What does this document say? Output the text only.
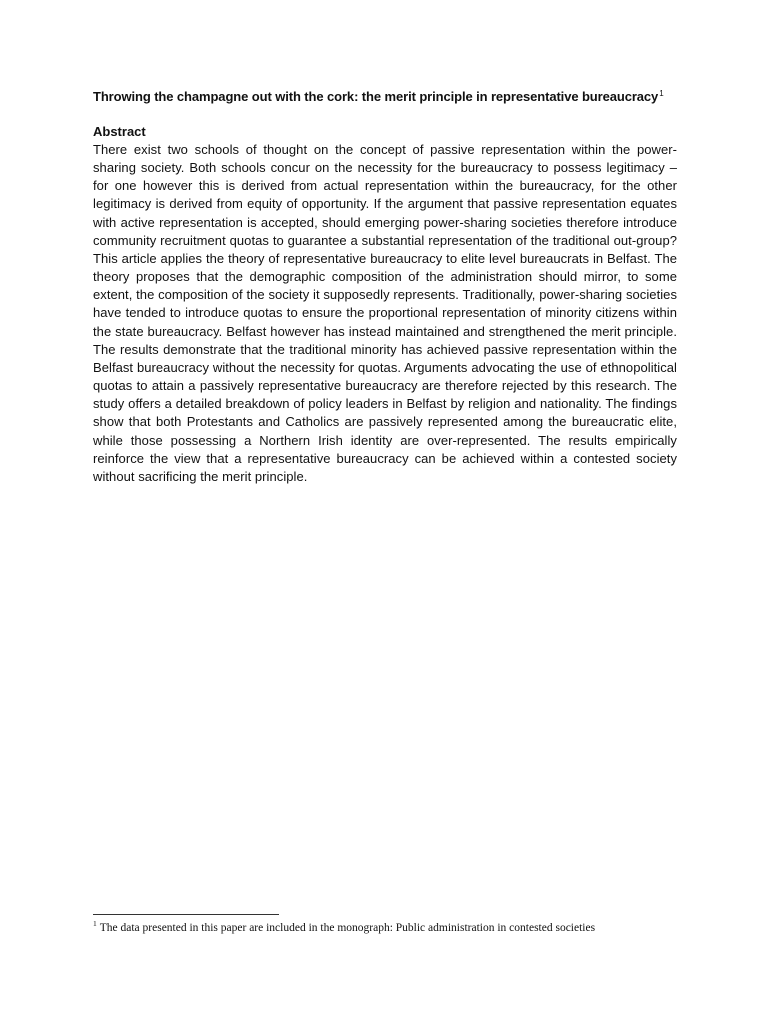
Throwing the champagne out with the cork: the merit principle in representative bureaucracy$^1$
Abstract

There exist two schools of thought on the concept of passive representation within the power-sharing society. Both schools concur on the necessity for the bureaucracy to possess legitimacy – for one however this is derived from actual representation within the bureaucracy, for the other legitimacy is derived from equity of opportunity. If the argument that passive representation equates with active representation is accepted, should emerging power-sharing societies therefore introduce community recruitment quotas to guarantee a substantial representation of the traditional out-group? This article applies the theory of representative bureaucracy to elite level bureaucrats in Belfast. The theory proposes that the demographic composition of the administration should mirror, to some extent, the composition of the society it supposedly represents. Traditionally, power-sharing societies have tended to introduce quotas to ensure the proportional representation of minority citizens within the state bureaucracy. Belfast however has instead maintained and strengthened the merit principle. The results demonstrate that the traditional minority has achieved passive representation within the Belfast bureaucracy without the necessity for quotas. Arguments advocating the use of ethnopolitical quotas to attain a passively representative bureaucracy are therefore rejected by this research. The study offers a detailed breakdown of policy leaders in Belfast by religion and nationality. The findings show that both Protestants and Catholics are passively represented among the bureaucratic elite, while those possessing a Northern Irish identity are over-represented. The results empirically reinforce the view that a representative bureaucracy can be achieved within a contested society without sacrificing the merit principle.

$^1$ The data presented in this paper are included in the monograph: Public administration in contested societies
